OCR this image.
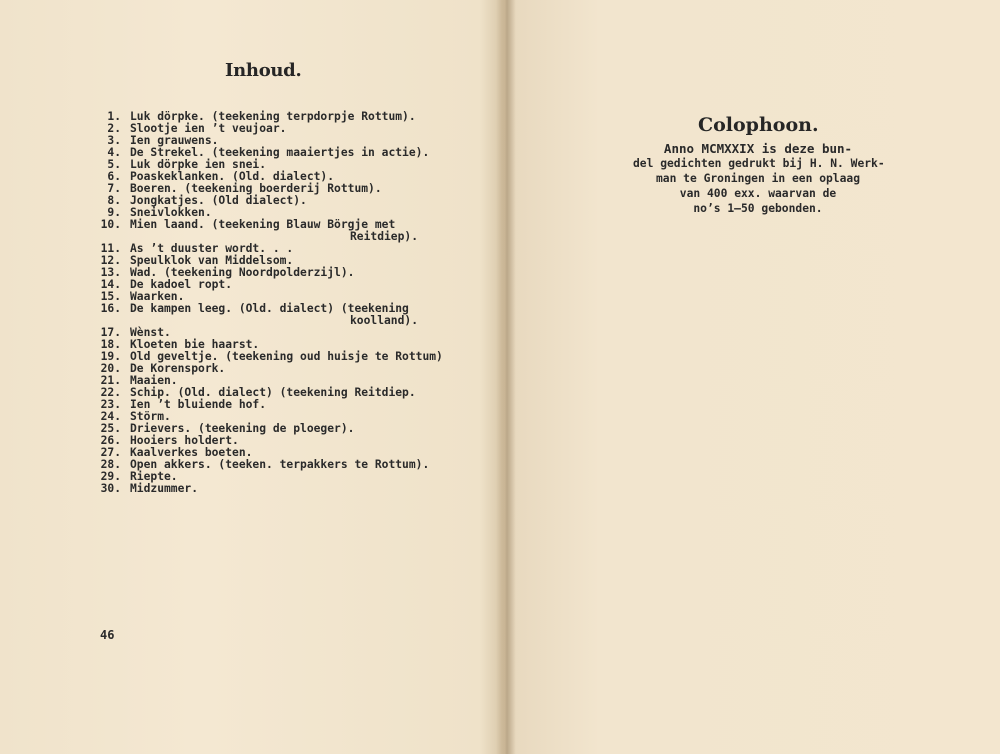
Inhoud.
1. Luk dörpke. (teekening terpdorpje Rottum).
2. Slootje ien ’t veujoar.
3. Ien grauwens.
4. De Strekel. (teekening maaiertjes in actie).
5. Luk dörpke ien snei.
6. Poaskeklanken. (Old. dialect).
7. Boeren. (teekening boerderij Rottum).
8. Jongkatjes. (Old dialect).
9. Sneivlokken.
10. Mien laand. (teekening Blauw Börgje met
Reitdiep).
11. As ’t duuster wordt. . .
12. Speulklok van Middelsom.
13. Wad. (teekening Noordpolderzijl).
14. De kadoel ropt.
15. Waarken.
16. De kampen leeg. (Old. dialect) (teekening
koolland).
17. Wènst.
18. Kloeten bie haarst.
19. Old geveltje. (teekening oud huisje te Rottum)
20. De Korenspork.
21. Maaien.
22. Schip. (Old. dialect) (teekening Reitdiep.
23. Ien ’t bluiende hof.
24. Störm.
25. Drievers. (teekening de ploeger).
26. Hooiers holdert.
27. Kaalverkes boeten.
28. Open akkers. (teeken. terpakkers te Rottum).
29. Riepte.
30. Midzummer.
46
Colophoon.
Anno MCMXXIX is deze bun-
del gedichten gedrukt bij H. N. Werk-
man te Groningen in een oplaag
van 400 exx. waarvan de
no’s 1—50 gebonden.
